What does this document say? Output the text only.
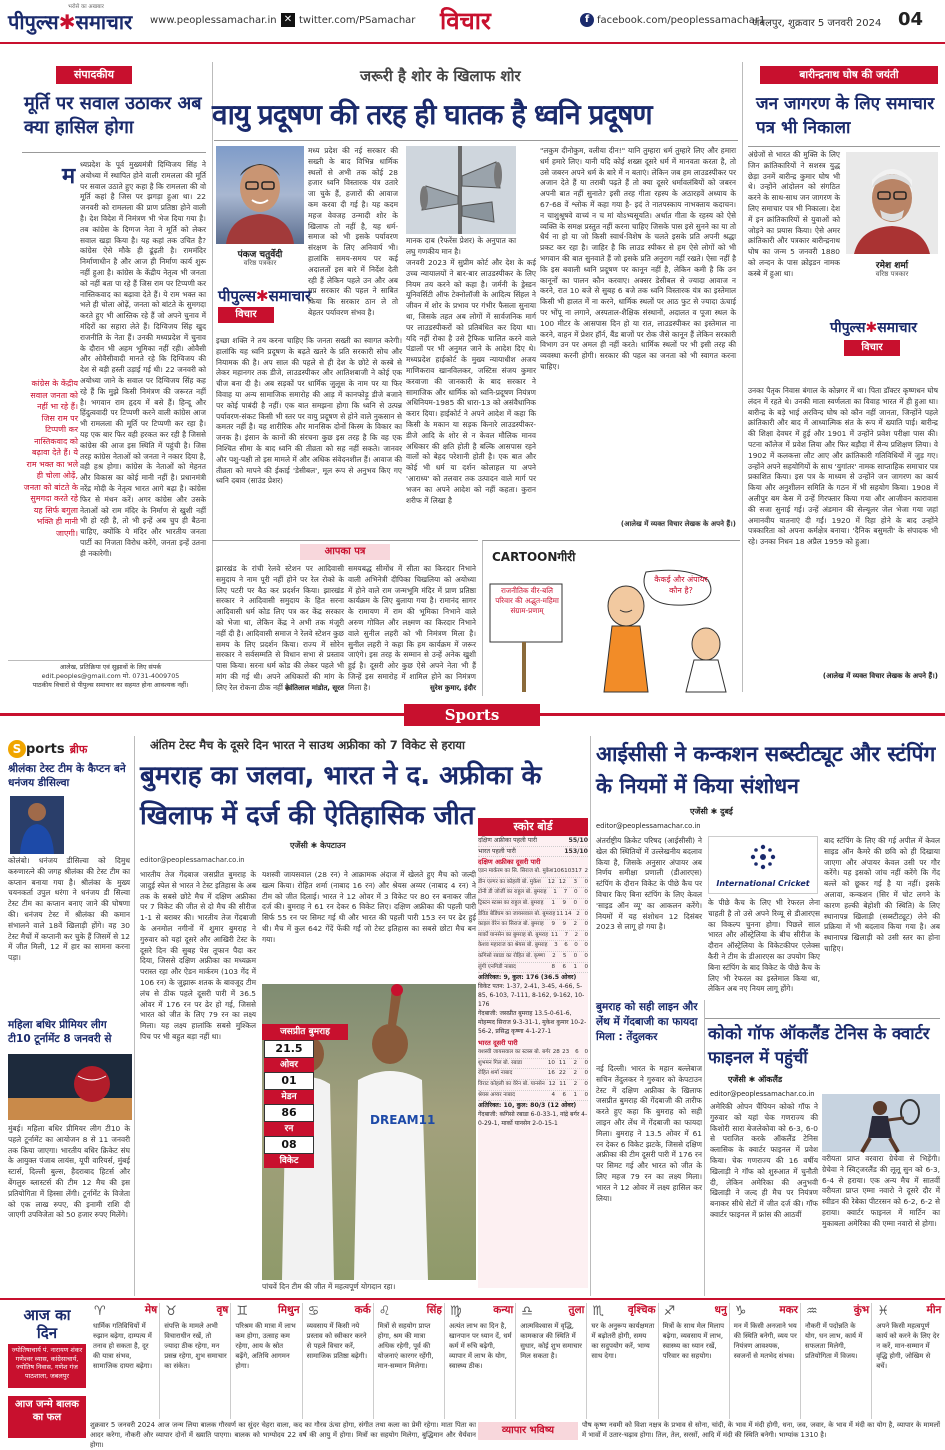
पीपुल्स✱समाचार
भरोसे का अखबार
www.peoplessamachar.in ✕ twitter.com/PSamachar विचार	f facebook.com/peoplessamachar1
जबलपुर, शुक्रवार 5 जनवरी 2024 04
संपादकीय
मूर्ति पर सवाल उठाकर अब क्या हासिल होगा
म ध्यप्रदेश के पूर्व मुख्यमंत्री दिग्विजय सिंह ने अयोध्या में स्थापित होने वाली रामलला की मूर्ति पर सवाल उठाते हुए कहा है कि रामलला की वो मूर्ति कहां है जिस पर झगड़ा हुआ था। 22 जनवरी को रामलला की प्राण प्रतिष्ठा होने वाली है। देश विदेश में निमंत्रण भी भेज दिया गया है। तब कांग्रेस के दिग्गज नेता ने मूर्ति को लेकर सवाल खड़ा किया है। यह कहां तक उचित है? कांग्रेस ऐसे मौके ही ढूंढ़ती है। राममंदिर निर्माणाधीन है और आज ही निर्माण कार्य शुरू नहीं हुआ है। कांग्रेस के केंद्रीय नेतृत्व भी जनता को नहीं बता पा रहे हैं जिस राम पर टिप्पणी कर नास्तिकवाद का बढ़ावा देते हैं। ये राम भक्त का भले ही चोला ओढ़ें, जनता को बांटते के सुमगदा करते हुए भी आस्तिक रहे हैं जो अपने चुनाव में मंदिरों का सहारा लेते हैं। दिग्विजय सिंह खुद राजनीति के नेता हैं। उनकी मध्यप्रदेश में चुनाव के दौरान भी अहम भूमिका नहीं रही। ओवैसी और ओवैसीवादी मानते रहे कि दिग्विजय की देश से बड़ी हस्ती उड़ाई गई थी। 22 जनवरी को अयोध्या जाने के सवाल पर दिग्विजय सिंह कह रहे हैं कि मुझे किसी निमंत्रण की जरूरत नहीं है। भगवान राम हृदय में बसे हैं। हिन्दू और हिंदुत्ववादी पर टिप्पणी करने वाली कांग्रेस आज भी रामलला की मूर्ति पर टिप्पणी कर रहा है। यह एक बार फिर वही हरकत कर रही है जिससे कांग्रेस की आज इस स्थिति में पहुंची है। जिस तरह कांग्रेस नेताओं को जनता ने नकार दिया है, वही हश्र होगा। कांग्रेस के नेताओं को मेहनत और विकास का कोई मानी नहीं है। प्रधानमंत्री नरेंद्र मोदी के नेतृत्व भारत आगे बढ़ा है। कांग्रेस फिर से मंथन करें। अगर कांग्रेस और उसके नेताओं को राम मंदिर के निर्माण से खुशी नहीं भी हो रही है, तो भी इन्हें अब चुप ही बैठना चाहिए, क्योंकि ये मंदिर और भारतीय जनता पार्टी का निजता विरोध करेंगे, जनता इन्हें उतना ही नकारेगी।
कांग्रेस के केंद्रीय सवाल जनता को नहीं भा रहे हैं। जिस राम पर टिप्पणी कर नास्तिकवाद को बढ़ावा देते हैं। ये राम भक्त का भले ही चोला ओढ़ें, जनता को बांटते के सुमगदा करते रहे यह सिर्फ बगुला भक्ति ही मानी जाएगी।
आलेख, प्रतिक्रिया एवं सुझावों के लिए संपर्क
edit.peoples@gmail.com मो. 0731-4009705
पाठकीय विचारों से पीपुल्स समाचार का सहमत होना आवश्यक नहीं।
जरूरी है शोर के खिलाफ शोर
वायु प्रदूषण की तरह ही घातक है ध्वनि प्रदूषण
पंकज चतुर्वेदी
वरिष्ठ पत्रकार
पीपुल्स✱समाचार
विचार
मध्य प्रदेश की नई सरकार की सख्ती के बाद विभिन्न धार्मिक स्थलों से अभी तक कोई 28 हजार ध्वनि विस्तारक यंत्र उतारे जा चुके हैं, हजारों की आवाज कम करवा दी गई है। यह कदम महज वेवजह उन्मादी शोर के खिलाफ तो नहीं है, यह धर्म-समाज को भी इसके पर्यावरण संरक्षण के लिए अनिवार्य भी। हालांकि समय-समय पर कई अदालतों इस बारे में निर्देश देती रही हैं लेकिन पहले उन और अब मप्र सरकार की पहल ने साबित किया कि सरकार ठान ले तो बेहतर पर्यावरण संभव है।
इच्छा शक्ति ने तय करना चाहिए कि जनता सख्ती का स्वागत करेगी। हालांकि यह ध्वनि प्रदूषण के बढ़ते खतरे के प्रति सरकारी सोच और नियामक की है। अप साल की पहले से ही देश के छोटे से कस्बे से लेकर महानगर तक डीजे, लाउडस्पीकर और आतिशबाजी ने कोई एक चीज बना दी है। अब सड़कों पर धार्मिक जुलूस के नाम पर या फिर विवाह या अन्य सामाजिक समारोह की आड़ में कानफोड़ू डीजे बजाने पर कोई पाबंदी है नहीं। एक बात समझना होगा कि ध्वनि से उत्पन्न पर्यावरण-संकट किसी भी स्तर पर वायु प्रदूषण से होने वाले नुकसान से कमतर नहीं है। यह शारीरिक और मानसिक दोनों किस्म के विकार का जनक है। इंसान के कानों की संरचना कुछ इस तरह है कि वह एक निश्चित सीमा के बाद ध्वनि की तीव्रता को सह नहीं सकते। जानवर और पशु-पक्षी तो इस मामले में और अधिक संवेदनशील हैं। आवाज की तीव्रता को मापने की ईकाई 'डेसीबल', मूल रूप से अनुभव किए गए ध्वनि दबाव (साउंड प्रेशर)
मानक दाब (रैफरेंस प्रेशर) के अनुपात का लघु गणकीय मान है।
जनवरी 2023 में सुप्रीम कोर्ट और देश के कई उच्च न्यायालयों ने बार-बार लाउडस्पीकर के लिए नियम तय करने को कहा है। जर्मनी के ड्रेस्डन यूनिवर्सिटी ऑफ टेक्नोलॉजी के आदित्य सिंहल ने जीवन में शोर के प्रभाव पर गंभीर फैसला सुनाया था, जिसके तहत अब लोगों में सार्वजनिक मार्ग पर लाउडस्पीकरों को प्रतिबंधित कर दिया था। यदि नहीं रोका है उसे ट्रैफिक चालित करने वाले पंडालों पर भी अनुमत जाने के आदेश दिए थे। मध्यप्रदेश हाईकोर्ट के मुख्य न्यायाधीश अजय माणिकराव खानविलकर, जस्टिस संजय कुमार करवाजा की जानकारी के बाद सरकार ने सामाजिक और धार्मिक को ध्वनि-प्रदूषण नियंत्रण अधिनियम-1985 की धारा-13 को असंवैधानिक करार दिया। हाईकोर्ट ने अपने आदेश में कहा कि किसी के मकान या सड़क किनारे लाउडस्पीकर-डीजे आदि के शोर से न केवल मौलिक मानव अधिकार की क्षति होती है बल्कि आसपास रहने वालों को बेहद परेशानी होती है। एक बात और कोई भी धर्म या दर्शन कोलाहल या अपने 'आराध्य' को तलवार तक उत्पादन वाले मार्ग पर भजन का अपने आदेश को नहीं कहता। कुरान शरीफ में लिखा है
"लकुम दीनोकुम, वलीया दीन!" यानि तुम्हारा धर्म तुम्हारे लिए और हमारा धर्म हमारे लिए। यानी यदि कोई शख्स दूसरे धर्म में मानवता करता है, तो उसे जबरन अपने धर्म के बारे में न बताएं। लेकिन जब हम लाउडस्पीकर पर अजान देते हैं या तराबी पढ़ते हैं तो क्या दूसरे धर्मावलंबियों को जबरन अपनी बात नहीं सुनाते? इसी तरह गीता रहस्य के अठारहवें अध्याय के 67-68 वें श्लोक में कहा गया है- इदं ते नातपस्काय नाभक्ताय कदाचन। न चाशुश्रूषवे वाच्यं न च मां योऽभ्यसूयति। अर्थात गीता के रहस्य को ऐसे व्यक्ति के समक्ष प्रस्तुत नहीं करना चाहिए जिसके पास इसे सुनने का या तो धैर्य ना हो या जो किसी स्वार्थ-विशेष के चलते इसके प्रति अपनी श्रद्धा प्रकट कर रहा है। जाहिर है कि लाउड स्पीकर से हम ऐसे लोगों को भी भगवान की बात सुनवाते हैं जो इसके प्रति अनुराग नहीं रखते। ऐसा नहीं है कि इस बवाली ध्वनि प्रदूषण पर कानून नहीं है, लेकिन कमी है कि उन कानूनों का पालन कौन करवाए। अक्सर डेसीबल से ज्यादा आवाज न करने, रात 10 बजे से सुबह 6 बजे तक ध्वनि विस्तारक यंत्र का इस्तेमाल किसी भी हालत में ना करने, धार्मिक स्थलों पर आठ फुट से ज्यादा ऊंचाई पर भोंपू ना लगाने, अस्पताल-शैक्षिक संस्थानों, अदालत व पूजा स्थल के 100 मीटर के आसपास दिन हो या रात, लाउडस्पीकर का इस्तेमाल ना करने, वाहन में प्रेशर हॉर्न, बैंड बाजों पर रोक जैसे कानून हैं लेकिन सरकारी विभाग उन पर अमल ही नहीं करते। धार्मिक स्थलों पर भी इसी तरह की व्यवस्था करनी होगी। सरकार की पहल का जनता को भी स्वागत करना चाहिए।
(आलेख में व्यक्त विचार लेखक के अपने हैं।)
बारीन्द्रनाथ घोष की जयंती
जन जागरण के लिए समाचार पत्र भी निकाला
अंग्रेजों से भारत की मुक्ति के लिए जिन क्रांतिकारियों ने सशस्त्र युद्ध छेड़ा उनमें बारीन्द्र कुमार घोष भी थे। उन्होंने आंदोलन को संगठित करने के साथ-साथ जन जागरण के लिए समाचार पत्र भी निकाला। देश में इन क्रांतिकारियों से युवाओं को जोड़ने का प्रयास किया। ऐसे अमर क्रांतिकारी और पत्रकार बारीन्द्रनाथ घोष का जन्म 5 जनवरी 1880 को लन्दन के पास क्रोइडन नामक कस्बे में हुआ था।
रमेश शर्मा
वरिष्ठ पत्रकार
पीपुल्स✱समाचार
विचार
उनका पैतृक निवास बंगाल के कोन्नगर में था। पिता डॉक्टर कृष्णधन घोष लंदन में रहते थे। उनकी माता स्वर्णलता का विवाह भारत में ही हुआ था। बारीन्द्र के बड़े भाई अरविन्द घोष को कौन नहीं जानता, जिन्होंने पहले क्रांतिकारी और बाद में आध्यात्मिक संत के रूप में ख्याति पाई। बारीन्द्र की शिक्षा देवघर में हुई और 1901 में उन्होंने प्रवेश परीक्षा पास की। पटना कॉलेज में प्रवेश लिया और फिर बड़ौदा में सैन्य प्रशिक्षण लिया। वे 1902 में कलकत्ता लौट आए और क्रांतिकारी गतिविधियों में जुड़ गए। उन्होंने अपने सहयोगियों के साथ 'युगांतर' नामक साप्ताहिक समाचार पत्र प्रकाशित किया। इस पत्र के माध्यम से उन्होंने जन जागरण का कार्य किया और अनुशीलन समिति के गठन में भी सहयोग किया। 1908 में अलीपुर बम केस में उन्हें गिरफ्तार किया गया और आजीवन कारावास की सजा सुनाई गई। उन्हें अंडमान की सेल्यूलर जेल भेजा गया जहां अमानवीय यातनाएं दी गईं। 1920 में रिहा होने के बाद उन्होंने पत्रकारिता को अपना कर्मक्षेत्र बनाया। 'दैनिक बसुमती' के संपादक भी रहे। उनका निधन 18 अप्रैल 1959 को हुआ।
(आलेख में व्यक्त विचार लेखक के अपने हैं।)
आपका पत्र
झारखंड के रांची रेलवे स्टेशन पर आदिवासी समुदाय ने नाम पूरी नहीं होने पर रेल रोको के लिए पटरी पर बैठ कर प्रदर्शन किया। झारखंड सरकार ने आदिवासी समुदाय के हित सरना आदिवासी धर्म कोड लिए पत्र कर केंद्र सरकार को भेजा था, लेकिन केंद्र ने अभी तक मंजूरी नहीं दी है। आदिवासी समाज ने रेलवे स्टेशन कुछ समय के लिए प्रदर्शन किया। राज्य में सोरेन सरकार ने सर्वसम्मति से विधान सभा से प्रस्ताव पास किया। सरना धर्म कोड की लेकर पहले भी मांग की गई थी। अपने अधिकारों की मांग के लिए रेल रोकना ठीक नहीं है।
कांतिलाल मांडोत, सूरत
समयबद्ध सीमोंध में सीता का किरदार निभाने वाली अभिनेत्री दीपिका चिखलिया को अयोध्या में होने वाले राम जन्मभूमि मंदिर में प्राण प्रतिष्ठा कार्यक्रम के लिए बुलाया गया है। रामानंद सागर के रामायण में राम की भूमिका निभाने वाले अरुण गोविल और लक्ष्मण का किरदार निभाने वाले सुनील लहरी को भी निमंत्रण मिला है। सुनील लहरी ने कहा कि हम कार्यक्रम में जरूर जाएंगे। इस तरह के सम्मान से उन्हें अनेक खुशी हुई है। दूसरी ओर कुछ ऐसे अपने नेता भी हैं जिन्हें इस समारोह में शामिल होने का निमंत्रण मिला है।	सुरेश कुमार, इंदौर
CARTOONगीरी
राजनीतिक वीर-बलि परिवार की अद्भुत-महिमा संग्राम-प्रणाम्
कैकई और अंपायर कौन है?
Sports
S ports ब्रीफ
श्रीलंका टेस्ट टीम के कैप्टन बने धनंजय डीसिल्वा
कोलंबो। धनंजय डीसिल्वा को दिमुथ करुणारत्ने की जगह श्रीलंका की टेस्ट टीम का कप्तान बनाया गया है। श्रीलंका के मुख्य चयनकर्ता उपुल थरंगा ने धनंजय डी सिल्वा टेस्ट टीम का कप्तान बनाए जाने की घोषणा की। धनंजय टेस्ट में श्रीलंका की कमान संभालने वाले 18वें खिलाड़ी होंगे। वह 30 टेस्ट मैचों में कप्तानी कर चुके हैं जिसमें से 12 में जीत मिली, 12 में हार का सामना करना पड़ा।
महिला बधिर प्रीमियर लीग टी10 टूर्नामेंट 8 जनवरी से
मुंबई। महिला बधिर प्रीमियर लीग टी10 के पहले टूर्नामेंट का आयोजन 8 से 11 जनवरी तक किया जाएगा। भारतीय बधिर क्रिकेट संघ के आयुक्त पंजाब लायंस, यूपी वारियर्स, मुंबई स्टार्स, दिल्ली बुल्स, हैदराबाद हिटर्स और बेंगलुरु ब्लास्टर्स की टीम 12 मैच की इस प्रतियोगिता में हिस्सा लेंगी। टूर्नामेंट के विजेता को एक लाख रुपए, की इनामी राशि दी जाएगी उपविजेता को 50 हजार रुपए मिलेंगे।
अंतिम टेस्ट मैच के दूसरे दिन भारत ने साउथ अफ्रीका को 7 विकेट से हराया
बुमराह का जलवा, भारत ने द. अफ्रीका के खिलाफ में दर्ज की ऐतिहासिक जीत
एजेंसी ✱ केपटाउन
editor@peoplessamachar.co.in
भारतीय तेज गेंदबाज जसप्रीत बुमराह के जादुई स्पेल से भारत ने टेस्ट इतिहास के अब तक के सबसे छोटे मैच में दक्षिण अफ्रीका पर 7 विकेट की जीत से दो मैच की सीरीज 1-1 से बराबर की। भारतीय तेज गेंदबाजी के अनमोल नगीनों में शुमार बुमराह ने गुरुवार को यहां दूसरे और आखिरी टेस्ट के दूसरे दिन की सुबह पेस तूफान पैदा कर दिया, जिससे दक्षिण अफ्रीका का मध्यक्रम परास्त रहा और ऐडन मार्करम (103 गेंद में 106 रन) के जुझारू शतक के बावजूद टीम लंच से ठीक पहले दूसरी पारी में 36.5 ओवर में 176 रन पर ढेर हो गई, जिससे भारत को जीत के लिए 79 रन का लक्ष्य मिला। यह लक्ष्य हालांकि सबसे मुश्किल पिच पर भी बहुत बड़ा नहीं था।
यशस्वी जायसवाल (28 रन) ने आक्रामक अंदाज में खेलते हुए मैच को जल्दी खत्म किया। रोहित शर्मा (नाबाद 16 रन) और श्रेयस अय्यर (नाबाद 4 रन) ने टीम को जीत दिलाई। भारत ने 12 ओवर में 3 विकेट पर 80 रन बनाकर जीत दर्ज की। बुमराह ने 61 रन देकर 6 विकेट लिए। दक्षिण अफ्रीका की पहली पारी सिर्फ 55 रन पर सिमट गई थी और भारत की पहली पारी 153 रन पर ढेर हुई थी। मैच में कुल 642 गेंदें फेंकी गईं जो टेस्ट इतिहास का सबसे छोटा मैच बन गया।
DREAM11
पांचवें दिन टीम की जीत में महत्वपूर्ण योगदान रहा।
जसप्रीत बुमराह
21.5
ओवर
01
मेडन
86
रन
08
विकेट
स्कोर बोर्ड
दक्षिण अफ्रीका पहली पारी	55/10
भारत पहली पारी	153/10
दक्षिण अफ्रीका दूसरी पारी
एडन मार्करम का सि. सिराज बो. मुकेश 106 103 17 2
डीन एल्गर का कोहली बो. मुकेश	12 12	3	0
टोनी डी जोर्जी का राहुल बो. बुमराह	1	7	0	0
ट्रिस्टन स्टब्स का राहुल बो. बुमराह	1	9	0	0
डेविड बेडिंघम का जायसवाल बो. बुमराह 11 14 2 0
काइल वेरेन का सिराज बो. बुमराह	9	9	2	0
मार्को यानसेन का बुमराह बो. बुमराह 11	7	2	0
केशव महाराज का श्रेयस बो. बुमराह	3	6	0	0
कगिसो रबाडा का रोहित बो. कृष्णा	2	5	0	0
लुंगी एनगिडी नाबाद	8	6	1	0
अतिरिक्त: 9, कुल: 176 (36.5 ओवर)
विकेट पतन: 1-37, 2-41, 3-45, 4-66, 5-85, 6-103, 7-111, 8-162, 9-162, 10-176
गेंदबाजी: जसप्रीत बुमराह 13.5-0-61-6, मोहम्मद सिराज 9-3-31-1, मुकेश कुमार 10-2-56-2, प्रसिद्ध कृष्णा 4-1-27-1
भारत दूसरी पारी
यशस्वी जायसवाल का स्टब्स बो. बर्गर 28 23	6	0
शुभमन गिल बो. रबाडा	10 11	2	0
रोहित शर्मा नाबाद	16 22	2	0
विराट कोहली का वेरेन बो. यानसेन 12 11	2	0
श्रेयस अय्यर नाबाद	4	6	1	0
अतिरिक्त: 10, कुल: 80/3 (12 ओवर)
गेंदबाजी: कगिसो रबाडा 6-0-33-1, नांद्रे बर्गर 4-0-29-1, मार्को यानसेन 2-0-15-1
आईसीसी ने कन्कशन सब्स्टीट्यूट और स्टंपिंग के नियमों में किया संशोधन
एजेंसी ✱ दुबई
editor@peoplessamachar.co.in
अंतर्राष्ट्रीय क्रिकेट परिषद (आईसीसी) ने खेल की स्थितियों में उल्लेखनीय बदलाव किया है, जिसके अनुसार अंपायर अब निर्णय समीक्षा प्रणाली (डीआरएस) स्टंपिंग के दौरान विकेट के पीछे कैच पर विचार किए बिना स्टंपिंग के लिए केवल 'साइड ऑन व्यू' का आकलन करेंगे। नियमों में यह संशोधन 12 दिसंबर 2023 से लागू हो गया है।
International Cricket
के पीछे कैच के लिए भी रेफरल लेना चाहती है तो उसे अपने रिव्यू से डीआरएस का विकल्प चुनना होगा। पिछले साल भारत और ऑस्ट्रेलिया के बीच सीरीज के दौरान ऑस्ट्रेलिया के विकेटकीपर एलेक्स कैरी ने टीम के डीआरएस का उपयोग किए बिना स्टंपिंग के बाद विकेट के पीछे कैच के लिए भी रेफरल का इस्तेमाल किया था, लेकिन अब नए नियम लागू होंगे।
बाद स्टंपिंग के लिए की गई अपील में केवल साइड ऑन कैमरे की छवि को ही दिखाया जाएगा और अंपायर केवल उसी पर गौर करेंगे। यह इसको जांच नहीं करेंगे कि गेंद बल्ले को छूकर गई है या नहीं। इसके अलावा, कन्कशन (सिर में चोट लगने के कारण हल्की बेहोशी की स्थिति) के लिए स्थानापन्न खिलाड़ी (सब्स्टीट्यूट) लेने की प्रक्रिया में भी बदलाव किया गया है। अब स्थानापन्न खिलाड़ी को उसी स्तर का होना चाहिए।
बुमराह को सही लाइन और लेंथ में गेंदबाजी का फायदा मिला : तेंदुलकर
नई दिल्ली। भारत के महान बल्लेबाज सचिन तेंदुलकर ने गुरुवार को केपटाउन टेस्ट में दक्षिण अफ्रीका के खिलाफ जसप्रीत बुमराह की गेंदबाजी की तारीफ करते हुए कहा कि बुमराह को सही लाइन और लेंथ में गेंदबाजी का फायदा मिला। बुमराह ने 13.5 ओवर में 61 रन देकर 6 विकेट झटके, जिससे दक्षिण अफ्रीका की टीम दूसरी पारी में 176 रन पर सिमट गई और भारत को जीत के लिए महज 79 रन का लक्ष्य मिला। भारत ने 12 ओवर में लक्ष्य हासिल कर लिया।
कोको गॉफ ऑकलैंड टेनिस के क्वार्टर फाइनल में पहुंचीं
एजेंसी ✱ ऑकलैंड
editor@peoplessamachar.co.in
अमेरिकी ओपन चैंपियन कोको गॉफ ने गुरुवार को यहां चेक गणराज्य की किशोरी सारा बेजलेकोवा को 6-3, 6-0 से पराजित करके ऑकलैंड टेनिस क्लासिक के क्वार्टर फाइनल में प्रवेश किया। चेक गणराज्य की 16 वर्षीय खिलाड़ी ने गॉफ को शुरुआत में चुनौती दी, लेकिन अमेरिका की अनुभवी खिलाड़ी ने जल्द ही मैच पर नियंत्रण बनाकर सीधे सेटों में जीत दर्ज की। गॉफ क्वार्टर फाइनल में फ्रांस की आठवीं
वरीयता प्राप्त वरवारा ग्रेचेवा से भिड़ेंगी। ग्रेचेवा ने स्विट्जरलैंड की लूलू सुन को 6-3, 6-4 से हराया। एक अन्य मैच में सातवीं वरीयता प्राप्त एम्मा नवारो ने दूसरे दौर में स्वीडन की रेबेका पीटरसन को 6-2, 6-2 से हराया। क्वार्टर फाइनल में मार्टिन का मुकाबला अमेरिका की एम्मा नवारो से होगा।
आज का दिन
ज्योतिषाचार्य पं. नारायण शंकर गणेश्वर व्यास, कांग्रेसाचार्य, ज्योतिष निवास, गणेश गंज पाठशाला, जबलपुर
♈	मेष
धार्मिक गतिविधियों में रुझान बढ़ेगा, दाम्पत्य में तनाव हो सकता है, दूर की यात्रा संभव, सामाजिक दायरा बढ़ेगा।
♉	वृष
संपत्ति के मामले अभी विचाराधीन रखें, तो ज्यादा ठीक रहेगा, मन प्रसन्न रहेगा, शुभ समाचार का संकेत।
♊	मिथुन
परिश्रम की मात्रा में लाभ कम होगा, उत्साह कम रहेगा, आय के स्रोत बढ़ेंगे, अतिथि आगमन होगा।
♋	कर्क
व्यवसाय में किसी नये प्रस्ताव को स्वीकार करने से पहले विचार करें, सामाजिक प्रतिष्ठा बढ़ेगी।
♌	सिंह
मित्रों से सहयोग प्राप्त होगा, श्रम की मात्रा अधिक रहेगी, पूर्व की योजनाएं कारगर रहेंगी, मान-सम्मान मिलेगा।
♍	कन्या
अत्यंत लाभ का दिन है, खानपान पर ध्यान दें, धर्म कर्म में रुचि बढ़ेगी, व्यापार में लाभ के योग, स्वास्थ्य ठीक।
♎	तुला
आत्मविश्वास में वृद्धि, कामकाज की स्थिति में सुधार, कोई शुभ समाचार मिल सकता है।
♏	वृश्चिक
घर के अनुरूप कार्यक्षमता में बढ़ोतरी होगी, समय का सदुपयोग करें, भाग्य साथ देगा।
♐	धनु
मित्रों के साथ मेल मिलाप बढ़ेगा, व्यवसाय में लाभ, स्वास्थ्य का ध्यान रखें, परिवार का सहयोग।
♑	मकर
मन में किसी अनजाने भय की स्थिति बनेगी, व्यय पर नियंत्रण आवश्यक, स्वजनों से मतभेद संभव।
♒	कुंभ
नौकरी में पदोन्नति के योग, धन लाभ, कार्य में सफलता मिलेगी, प्रतियोगिता में विजय।
♓	मीन
अपने किसी महत्वपूर्ण कार्य को करने के लिए देर न करें, मान-सम्मान में वृद्धि होगी, जोखिम से बचें।
आज जन्मे बालक का फल
शुक्रवार 5 जनवरी 2024 आज जन्म लिया बालक गौरवर्ण का सुंदर चेहरा वाला, कद का गौरव ऊंचा होगा, संगीत तथा कला का प्रेमी रहेगा। माता पिता का आदर करेगा, नौकरी और व्यापार दोनों में ख्याति पाएगा। बालक को भाग्योदय 22 वर्ष की आयु में होगा। मित्रों का सहयोग मिलेगा, बुद्धिमान और धैर्यवान होगा।
व्यापार भविष्य	पौष कृष्ण नवमी को विशा नक्षत्र के प्रभाव से सोना, चांदी, के भाव में मंदी होगी, धना, जव, जवार, के भाव में मंदी का योग है, व्यापार के मामलों में भावों में उतार-चढ़ाव होगा। तिल, तेल, सरसों, आदि में मंदी की स्थिति बनेगी। भाग्यांक 1310 है।
